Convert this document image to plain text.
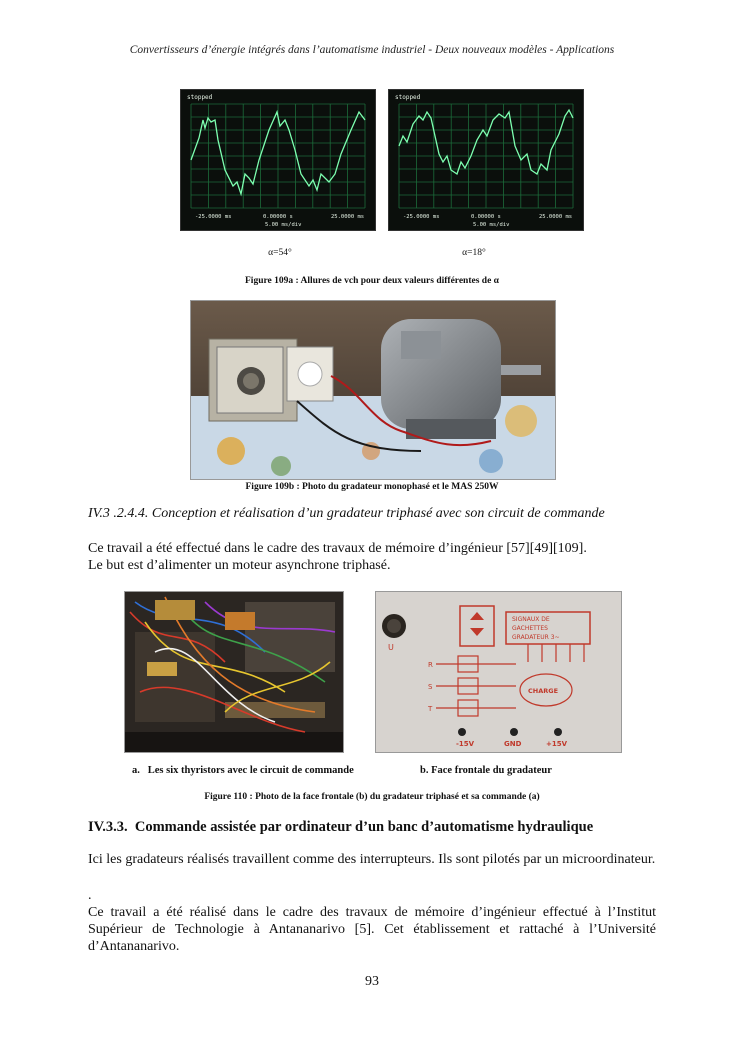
Convertisseurs d’énergie intégrés dans l’automatisme industriel - Deux nouveaux modèles - Applications
stopped
-25.0000 ms	0.00000 s	25.0000 ms
5.00 ms/div
stopped
-25.0000 ms	0.00000 s	25.0000 ms
5.00 ms/div
α=54°	α=18°
Figure 109a : Allures de vch pour deux valeurs différentes de α
Figure 109b : Photo du gradateur monophasé et le MAS 250W
IV.3 .2.4.4. Conception et réalisation d’un gradateur triphasé avec son circuit de commande
Ce travail a été effectué dans le cadre des travaux de mémoire d’ingénieur [57][49][109].
Le but est d’alimenter un moteur asynchrone triphasé.
U
SIGNAUX DE
GACHETTES
GRADATEUR 3~
CHARGE
R
S
T
-15V	GND	+15V
a.   Les six thyristors avec le circuit de commande	b. Face frontale du gradateur
Figure 110 : Photo de la face frontale (b) du gradateur triphasé et sa commande (a)
IV.3.3.  Commande assistée par ordinateur d’un banc d’automatisme hydraulique
Ici les gradateurs réalisés travaillent comme des interrupteurs. Ils sont pilotés par un microordinateur.
.
Ce travail a été réalisé dans le cadre des travaux de mémoire d’ingénieur effectué à l’Institut Supérieur de Technologie à Antananarivo [5]. Cet établissement et rattaché à l’Université d’Antananarivo.
93
